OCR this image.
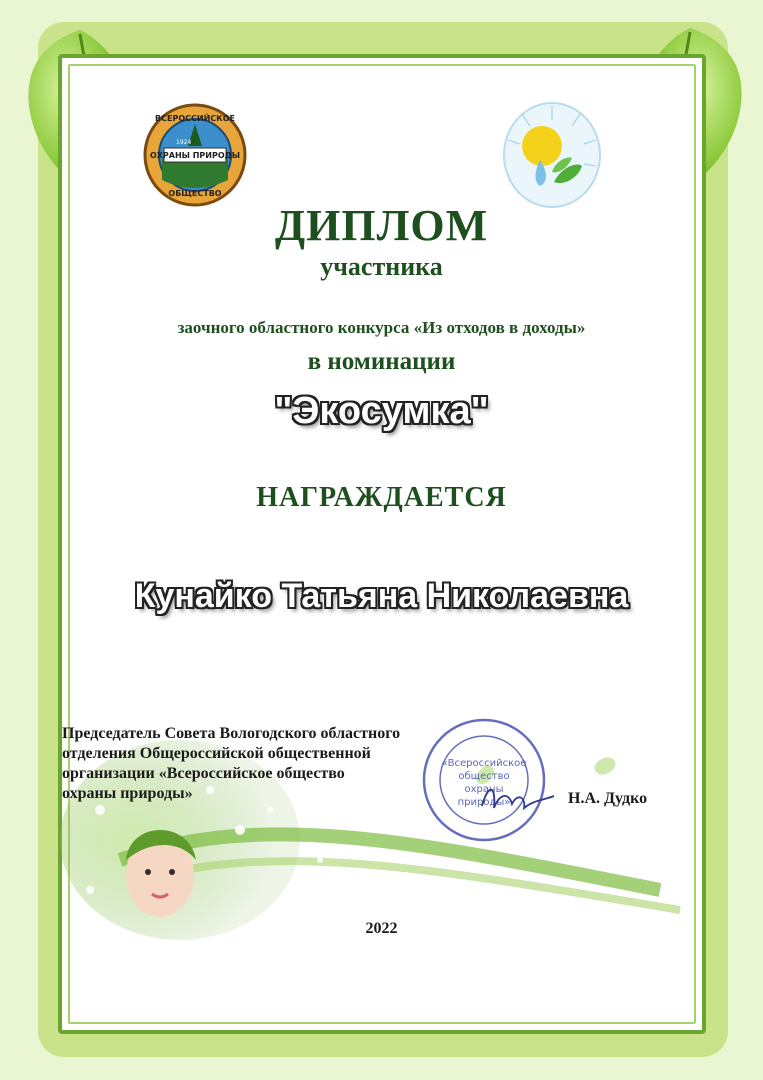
ОХРАНЫ ПРИРОДЫ
ВСЕРОССИЙСКОЕ
ОБЩЕСТВО
1924
ДИПЛОМ
участника
заочного областного конкурса «Из отходов в доходы»
в номинации
"Экосумка"
НАГРАЖДАЕТСЯ
Кунайко Татьяна Николаевна
«Всероссийское
общество
охраны
природы»
Председатель Совета Вологодского областного
отделения Общероссийской общественной
организации «Всероссийское общество
охраны природы»	Н.А. Дудко
2022
